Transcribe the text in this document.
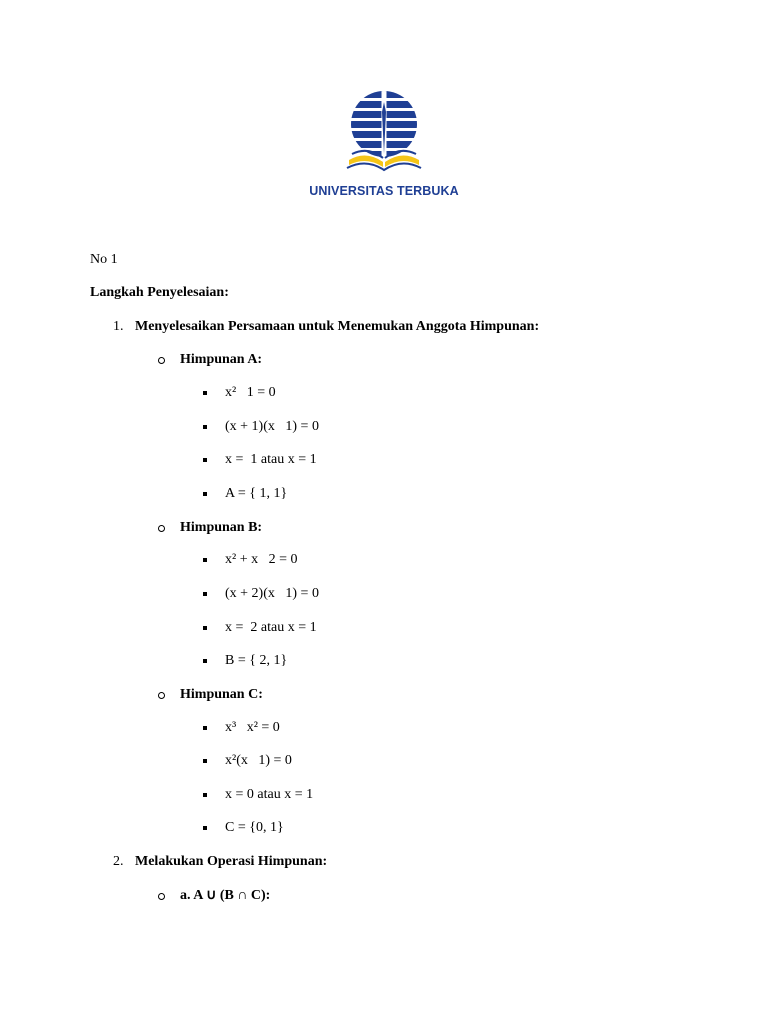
UNIVERSITAS TERBUKA
No 1
Langkah Penyelesaian:
1. Menyelesaikan Persamaan untuk Menemukan Anggota Himpunan:
Himpunan A:
x²   1 = 0
(x + 1)(x   1) = 0
x =  1 atau x = 1
A = { 1, 1}
Himpunan B:
x² + x   2 = 0
(x + 2)(x   1) = 0
x =  2 atau x = 1
B = { 2, 1}
Himpunan C:
x³   x² = 0
x²(x   1) = 0
x = 0 atau x = 1
C = {0, 1}
2. Melakukan Operasi Himpunan:
a. A ∪ (B ∩ C):
